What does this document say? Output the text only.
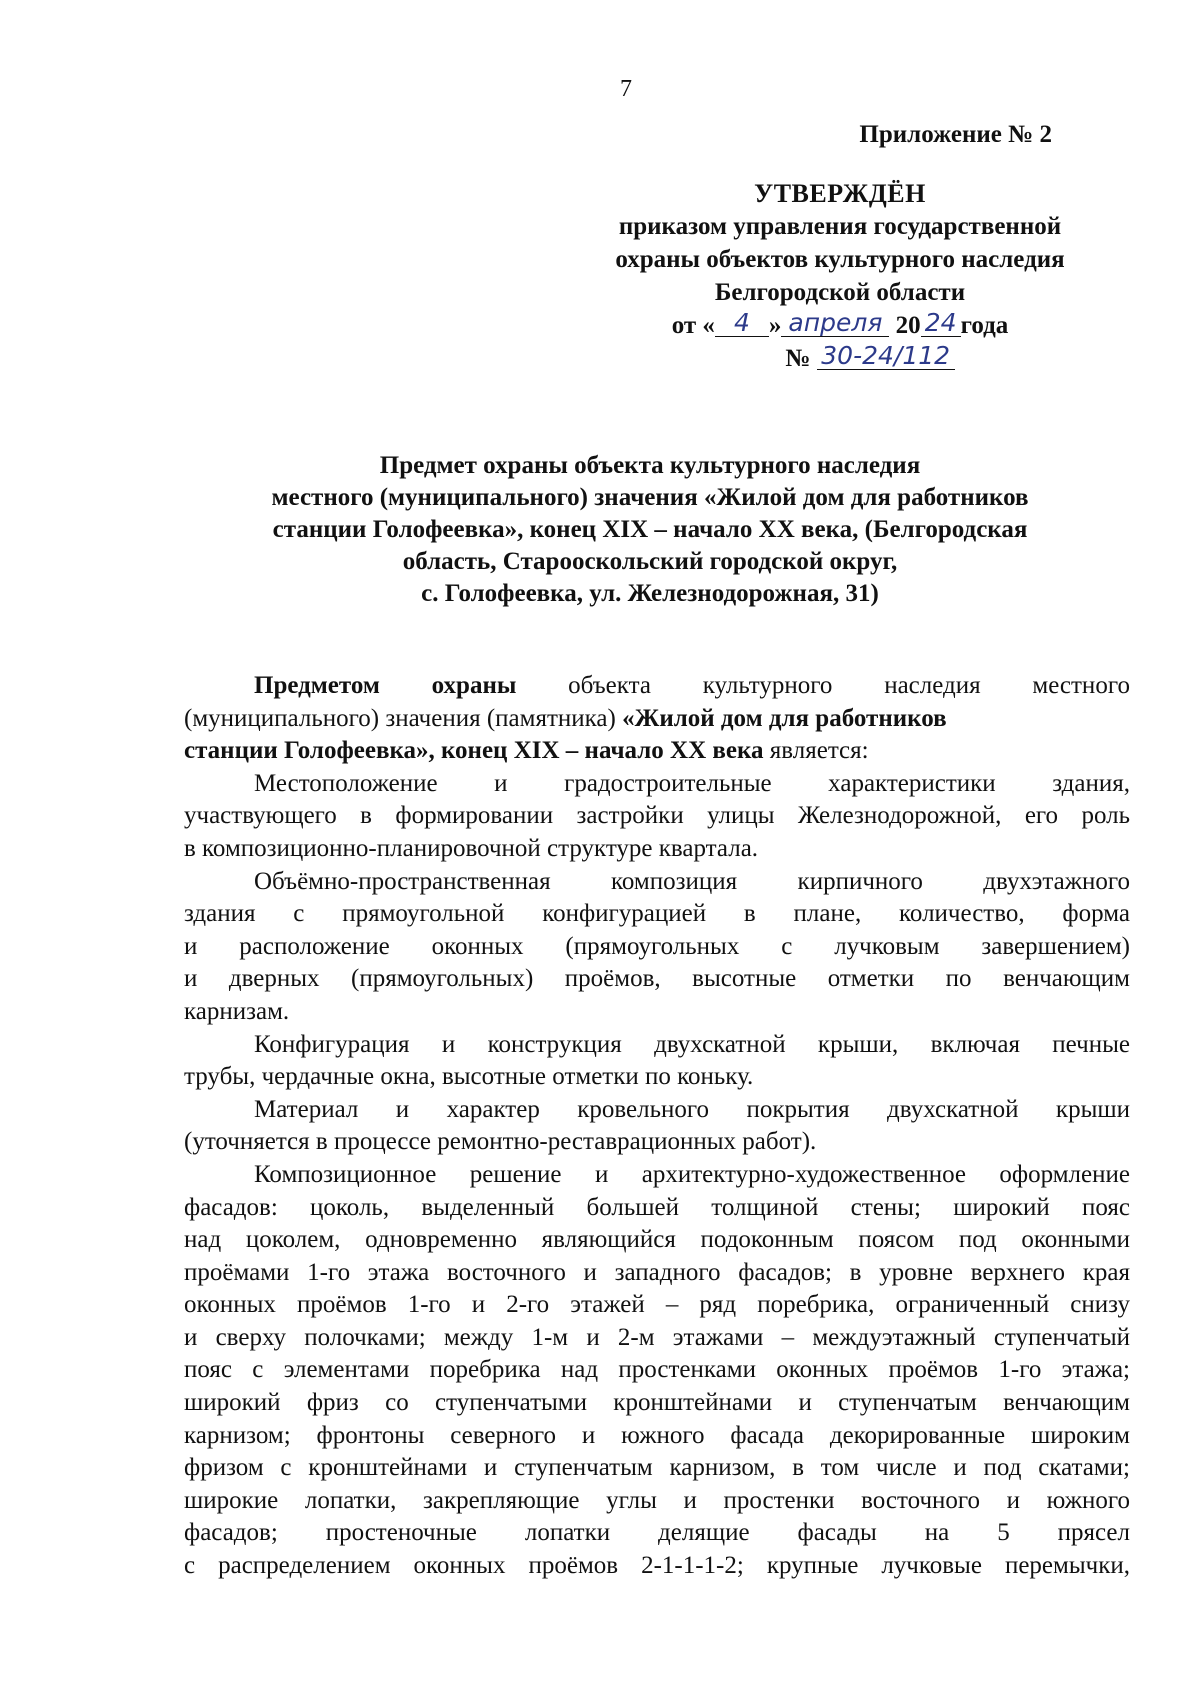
7
Приложение № 2
УТВЕРЖДЁН
приказом управления государственной
охраны объектов культурного наследия
Белгородской области
от « 4 » апреля 20 24 года
№ 30-24/112
Предмет охраны объекта культурного наследия
местного (муниципального) значения «Жилой дом для работников
станции Голофеевка», конец XIX – начало XX века, (Белгородская
область, Старооскольский городской округ,
с. Голофеевка, ул. Железнодорожная, 31)
Предметом охраны объекта культурного наследия местного
(муниципального) значения (памятника) «Жилой дом для работников
станции Голофеевка», конец XIX – начало XX века является:
Местоположение и градостроительные характеристики здания,
участвующего в формировании застройки улицы Железнодорожной, его роль
в композиционно-планировочной структуре квартала.
Объёмно-пространственная композиция кирпичного двухэтажного
здания с прямоугольной конфигурацией в плане, количество, форма
и расположение оконных (прямоугольных с лучковым завершением)
и дверных (прямоугольных) проёмов, высотные отметки по венчающим
карнизам.
Конфигурация и конструкция двухскатной крыши, включая печные
трубы, чердачные окна, высотные отметки по коньку.
Материал и характер кровельного покрытия двухскатной крыши
(уточняется в процессе ремонтно-реставрационных работ).
Композиционное решение и архитектурно-художественное оформление
фасадов: цоколь, выделенный большей толщиной стены; широкий пояс
над цоколем, одновременно являющийся подоконным поясом под оконными
проёмами 1-го этажа восточного и западного фасадов; в уровне верхнего края
оконных проёмов 1-го и 2-го этажей – ряд поребрика, ограниченный снизу
и сверху полочками; между 1-м и 2-м этажами – междуэтажный ступенчатый
пояс с элементами поребрика над простенками оконных проёмов 1-го этажа;
широкий фриз со ступенчатыми кронштейнами и ступенчатым венчающим
карнизом; фронтоны северного и южного фасада декорированные широким
фризом с кронштейнами и ступенчатым карнизом, в том числе и под скатами;
широкие лопатки, закрепляющие углы и простенки восточного и южного
фасадов; простеночные лопатки делящие фасады на 5 прясел
с распределением оконных проёмов 2-1-1-1-2; крупные лучковые перемычки,
